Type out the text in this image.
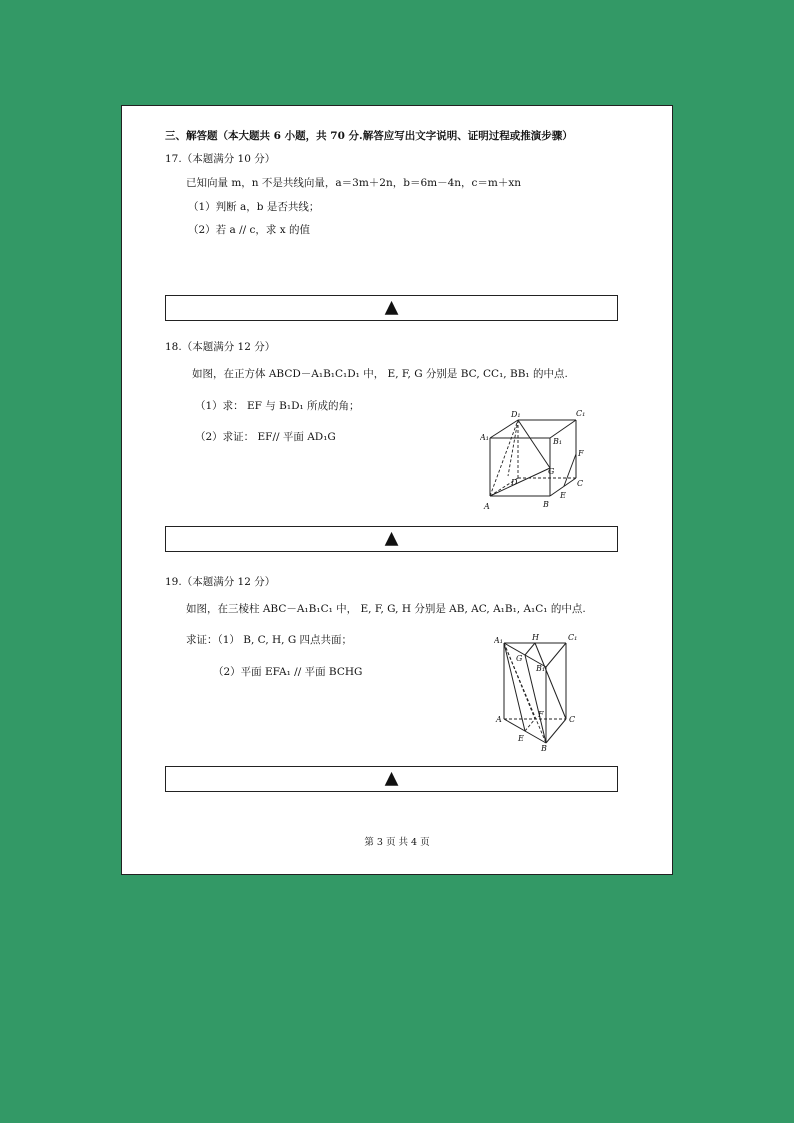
三、解答题（本大题共 6 小题，共 70 分.解答应写出文字说明、证明过程或推演步骤）
17.（本题满分 10 分）
已知向量 m，n 不是共线向量，a＝3m＋2n，b＝6m－4n，c＝m＋xn
（1）判断 a，b 是否共线；
（2）若 a // c，求 x 的值
▲
18.（本题满分 12 分）
如图，在正方体 ABCD－A₁B₁C₁D₁ 中， E, F, G 分别是 BC, CC₁, BB₁ 的中点.
（1）求： EF 与 B₁D₁ 所成的角；
（2）求证： EF// 平面 AD₁G
D₁	C₁
A₁	B₁
F
G
D	C
E
A	B
▲
19.（本题满分 12 分）
如图，在三棱柱 ABC－A₁B₁C₁ 中， E, F, G, H 分别是 AB, AC, A₁B₁, A₁C₁ 的中点.
求证：（1） B, C, H, G 四点共面；
（2）平面 EFA₁ // 平面 BCHG
A₁	H	C₁
G
B₁
A
F
C
E
B
▲
第 3 页 共 4 页
